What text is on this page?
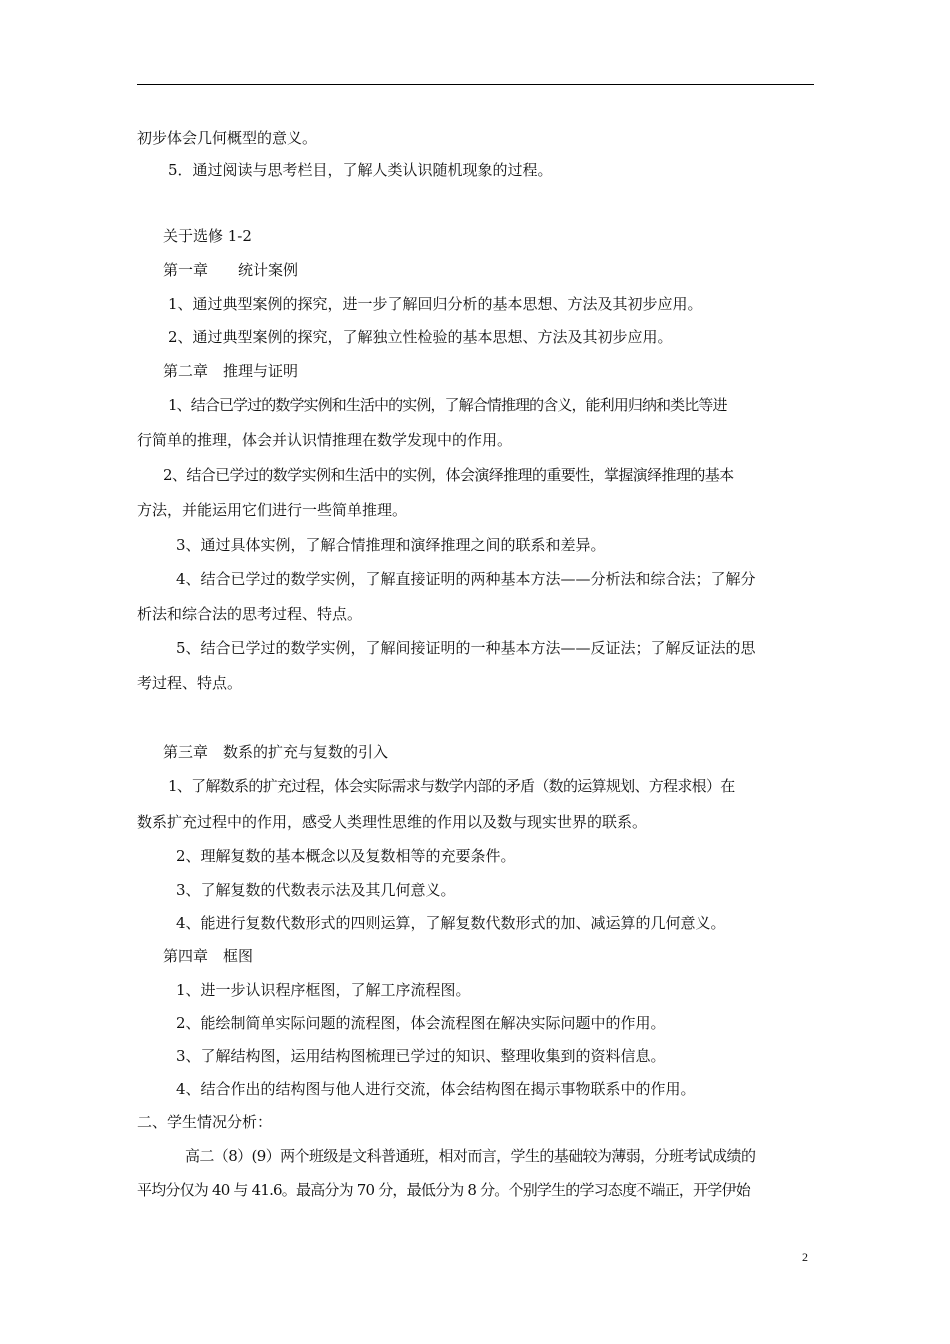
初步体会几何概型的意义。
5．通过阅读与思考栏目，了解人类认识随机现象的过程。
关于选修 1-2
第一章　　统计案例
1、通过典型案例的探究，进一步了解回归分析的基本思想、方法及其初步应用。
2、通过典型案例的探究，了解独立性检验的基本思想、方法及其初步应用。
第二章　推理与证明
1、结合已学过的数学实例和生活中的实例，了解合情推理的含义，能利用归纳和类比等进
行简单的推理，体会并认识情推理在数学发现中的作用。
2、结合已学过的数学实例和生活中的实例，体会演绎推理的重要性，掌握演绎推理的基本
方法，并能运用它们进行一些简单推理。
3、通过具体实例，了解合情推理和演绎推理之间的联系和差异。
4、结合已学过的数学实例，了解直接证明的两种基本方法——分析法和综合法；了解分
析法和综合法的思考过程、特点。
5、结合已学过的数学实例，了解间接证明的一种基本方法——反证法；了解反证法的思
考过程、特点。
第三章　数系的扩充与复数的引入
1、了解数系的扩充过程，体会实际需求与数学内部的矛盾（数的运算规划、方程求根）在
数系扩充过程中的作用，感受人类理性思维的作用以及数与现实世界的联系。
2、理解复数的基本概念以及复数相等的充要条件。
3、了解复数的代数表示法及其几何意义。
4、能进行复数代数形式的四则运算，了解复数代数形式的加、减运算的几何意义。
第四章　框图
1、进一步认识程序框图，了解工序流程图。
2、能绘制简单实际问题的流程图，体会流程图在解决实际问题中的作用。
3、了解结构图，运用结构图梳理已学过的知识、整理收集到的资料信息。
4、结合作出的结构图与他人进行交流，体会结构图在揭示事物联系中的作用。
二、学生情况分析：
高二（8）(9）两个班级是文科普通班，相对而言，学生的基础较为薄弱，分班考试成绩的
平均分仅为 40 与 41.6。最高分为 70 分，最低分为 8 分。个别学生的学习态度不端正，开学伊始
2
